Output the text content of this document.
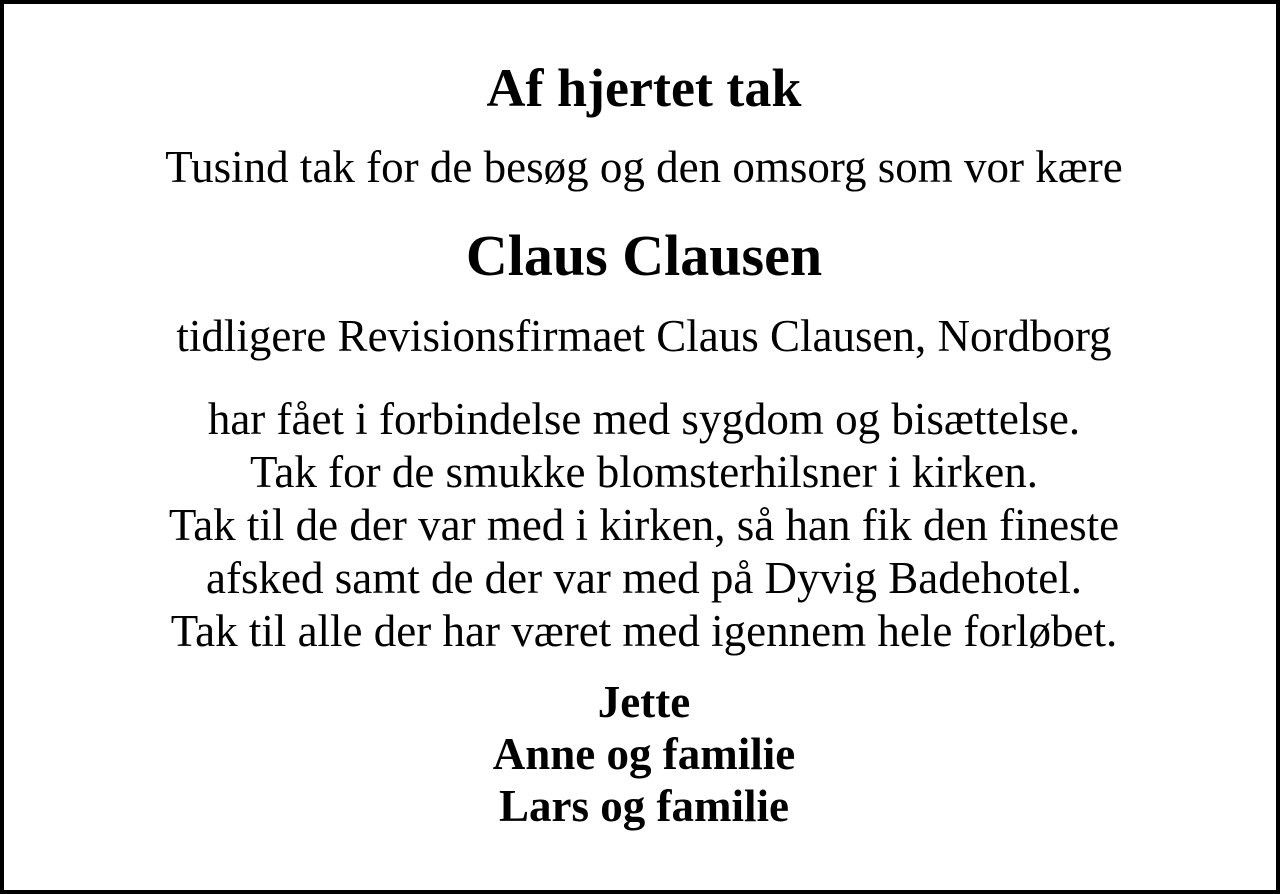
Af hjertet tak
Tusind tak for de besøg og den omsorg som vor kære
Claus Clausen
tidligere Revisionsfirmaet Claus Clausen, Nordborg
har fået i forbindelse med sygdom og bisættelse.
Tak for de smukke blomsterhilsner i kirken.
Tak til de der var med i kirken, så han fik den fineste
afsked samt de der var med på Dyvig Badehotel.
Tak til alle der har været med igennem hele forløbet.
Jette
Anne og familie
Lars og familie
